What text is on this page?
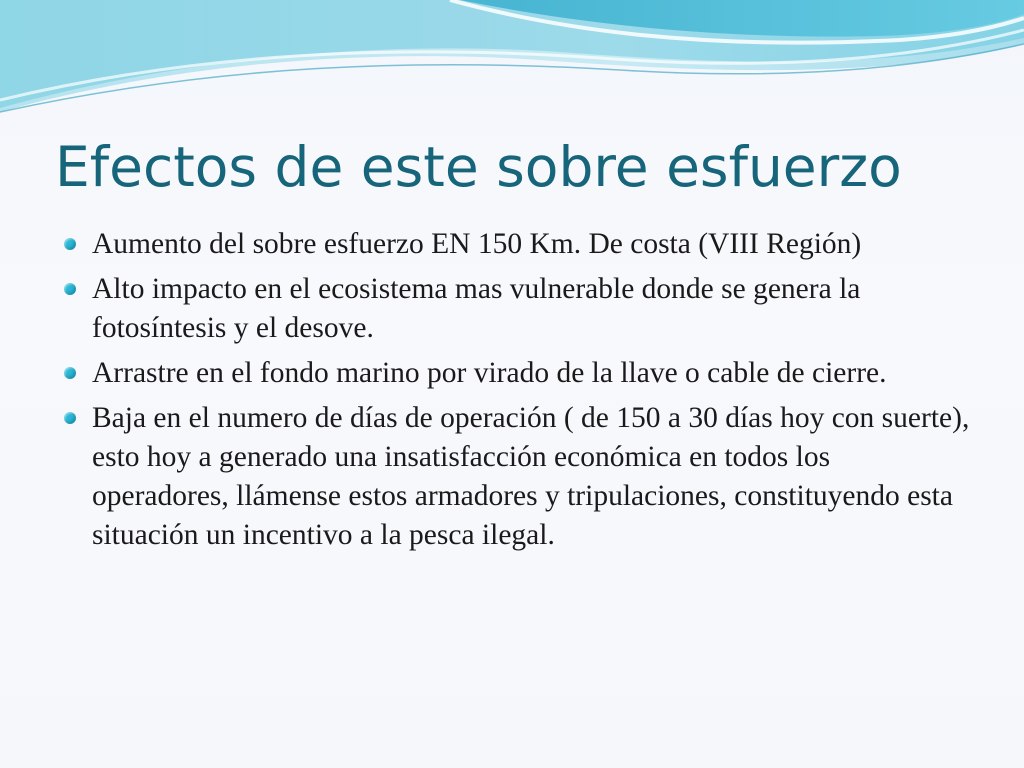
Efectos de este sobre esfuerzo
Aumento del sobre esfuerzo EN 150 Km. De costa (VIII Región)
Alto impacto en el ecosistema mas vulnerable donde se genera la fotosíntesis y el desove.
Arrastre en el fondo marino por virado de la llave o cable de cierre.
Baja en el numero de días de operación ( de 150 a 30 días hoy con suerte), esto hoy a generado una insatisfacción económica en todos los operadores, llámense estos armadores y tripulaciones, constituyendo esta situación un incentivo a la pesca ilegal.
